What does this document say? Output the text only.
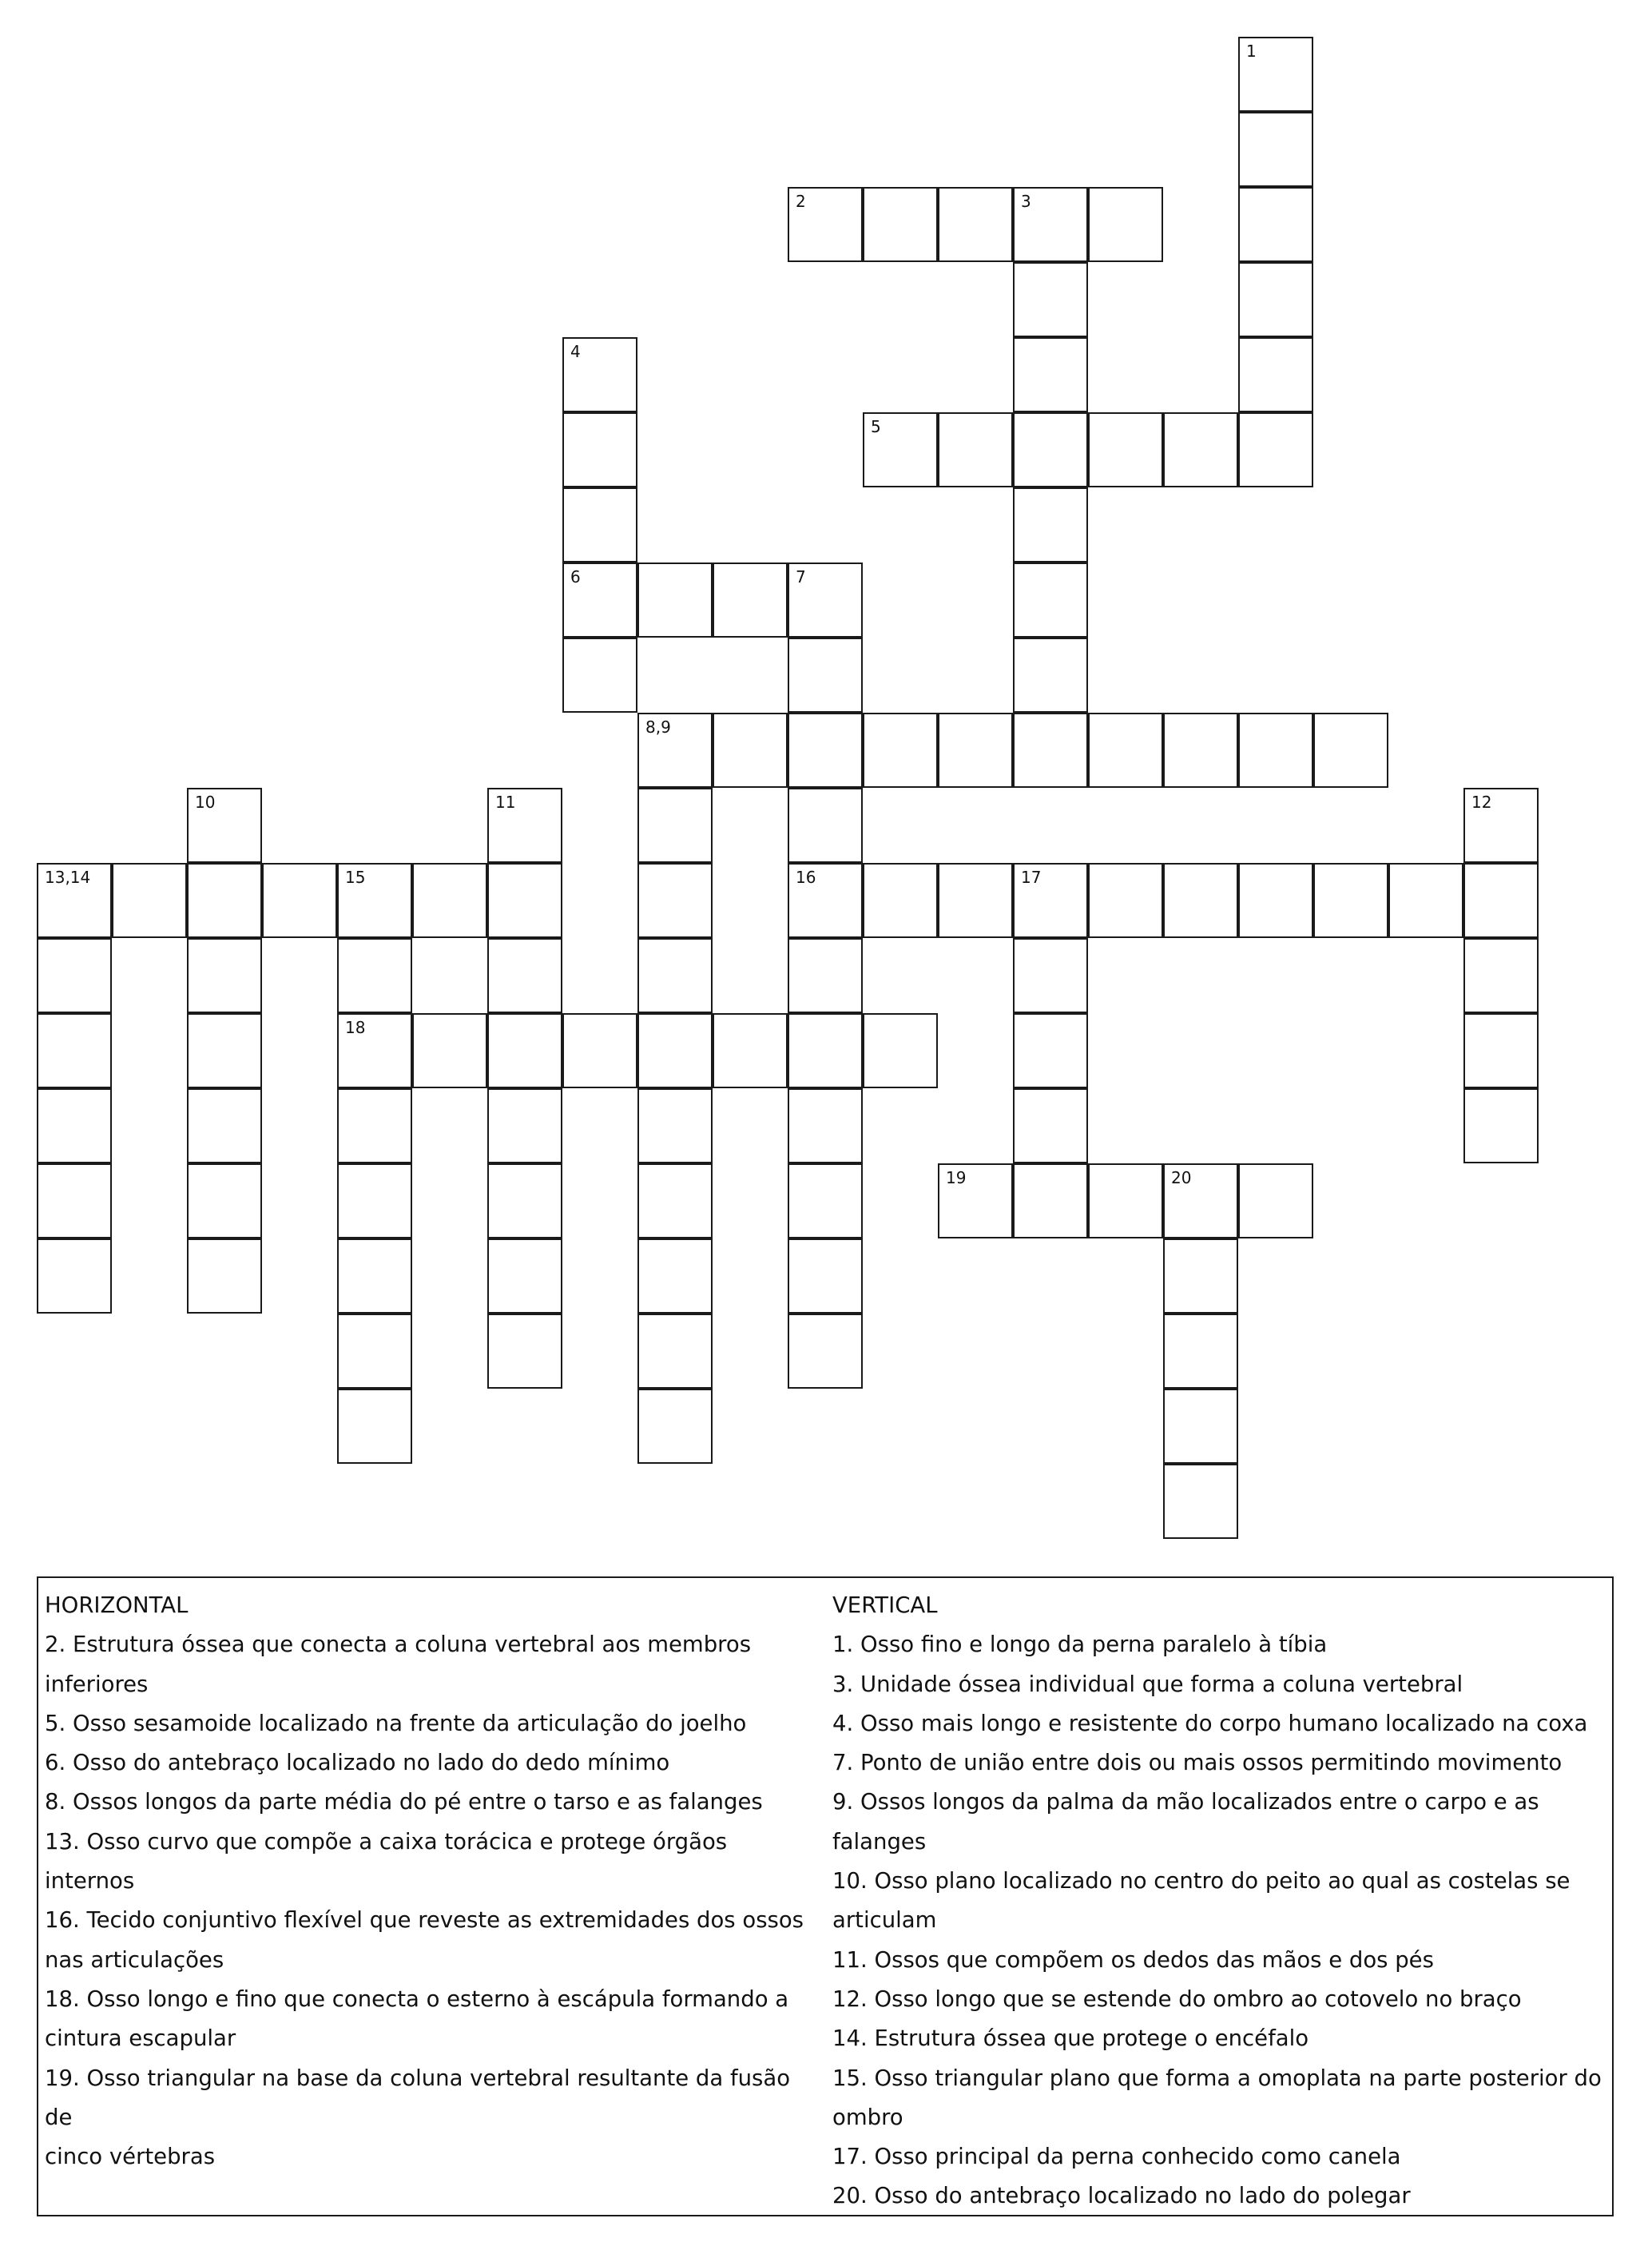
1
2	3
4
6
5
7
8,9
16
10	11	12
13,14	15
18
17
19	20
HORIZONTAL
2. Estrutura óssea que conecta a coluna vertebral aos membros
inferiores
5. Osso sesamoide localizado na frente da articulação do joelho
6. Osso do antebraço localizado no lado do dedo mínimo
8. Ossos longos da parte média do pé entre o tarso e as falanges
13. Osso curvo que compõe a caixa torácica e protege órgãos internos
16. Tecido conjuntivo flexível que reveste as extremidades dos ossos
nas articulações
18. Osso longo e fino que conecta o esterno à escápula formando a
cintura escapular
19. Osso triangular na base da coluna vertebral resultante da fusão de
cinco vértebras
VERTICAL
1. Osso fino e longo da perna paralelo à tíbia
3. Unidade óssea individual que forma a coluna vertebral
4. Osso mais longo e resistente do corpo humano localizado na coxa
7. Ponto de união entre dois ou mais ossos permitindo movimento
9. Ossos longos da palma da mão localizados entre o carpo e as falanges
10. Osso plano localizado no centro do peito ao qual as costelas se
articulam
11. Ossos que compõem os dedos das mãos e dos pés
12. Osso longo que se estende do ombro ao cotovelo no braço
14. Estrutura óssea que protege o encéfalo
15. Osso triangular plano que forma a omoplata na parte posterior do
ombro
17. Osso principal da perna conhecido como canela
20. Osso do antebraço localizado no lado do polegar
